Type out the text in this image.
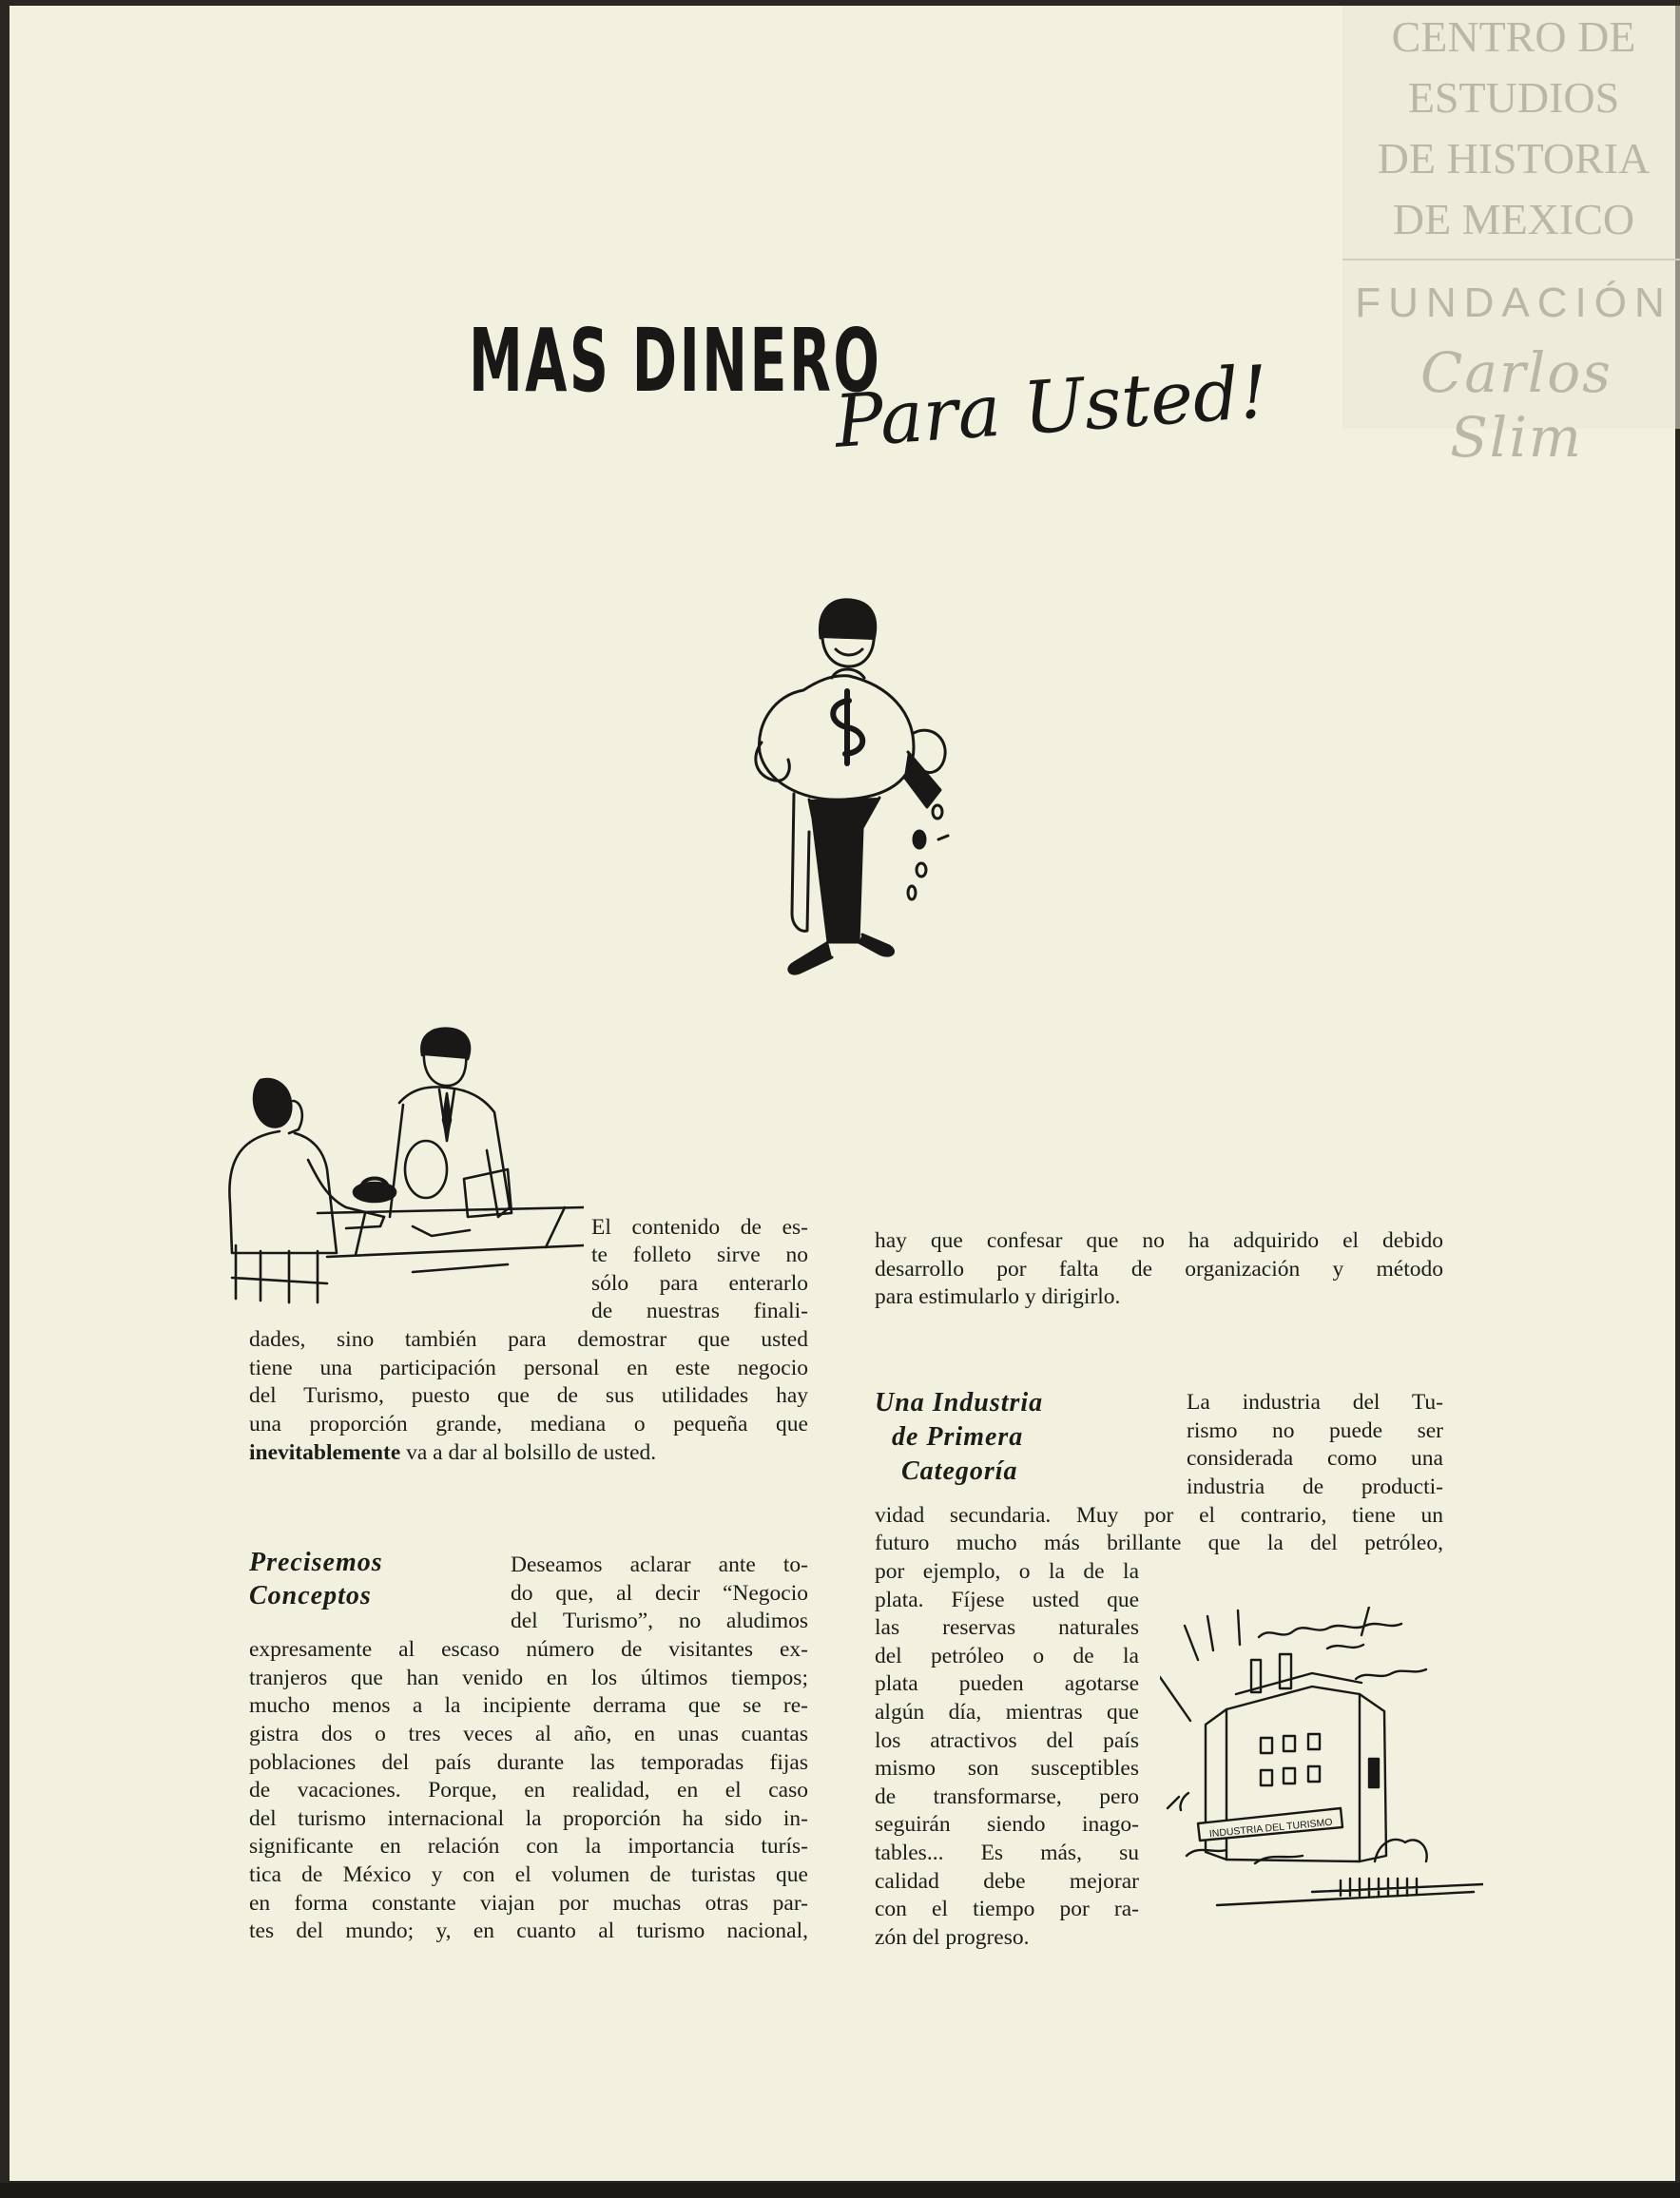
CENTRO DE
ESTUDIOS
DE HISTORIA
DE MEXICO
FUNDACIÓN
Carlos Slim
MAS DINERO
Para Usted!
INDUSTRIA DEL TURISMO
El contenido de es-
te folleto sirve no
sólo para enterarlo
de nuestras finali-
dades, sino también para demostrar que usted
tiene una participación personal en este negocio
del Turismo, puesto que de sus utilidades hay
una proporción grande, mediana o pequeña que
inevitablemente va a dar al bolsillo de usted.
Precisemos
Conceptos
Deseamos aclarar ante to-
do que, al decir “Negocio
del Turismo”, no aludimos
expresamente al escaso número de visitantes ex-
tranjeros que han venido en los últimos tiempos;
mucho menos a la incipiente derrama que se re-
gistra dos o tres veces al año, en unas cuantas
poblaciones del país durante las temporadas fijas
de vacaciones. Porque, en realidad, en el caso
del turismo internacional la proporción ha sido in-
significante en relación con la importancia turís-
tica de México y con el volumen de turistas que
en forma constante viajan por muchas otras par-
tes del mundo; y, en cuanto al turismo nacional,
hay que confesar que no ha adquirido el debido
desarrollo por falta de organización y método
para estimularlo y dirigirlo.
Una Industria
de Primera
Categoría
La industria del Tu-
rismo no puede ser
considerada como una
industria de producti-
vidad secundaria. Muy por el contrario, tiene un
futuro mucho más brillante que la del petróleo,
por ejemplo, o la de la
plata. Fíjese usted que
las reservas naturales
del petróleo o de la
plata pueden agotarse
algún día, mientras que
los atractivos del país
mismo son susceptibles
de transformarse, pero
seguirán siendo inago-
tables... Es más, su
calidad debe mejorar
con el tiempo por ra-
zón del progreso.
